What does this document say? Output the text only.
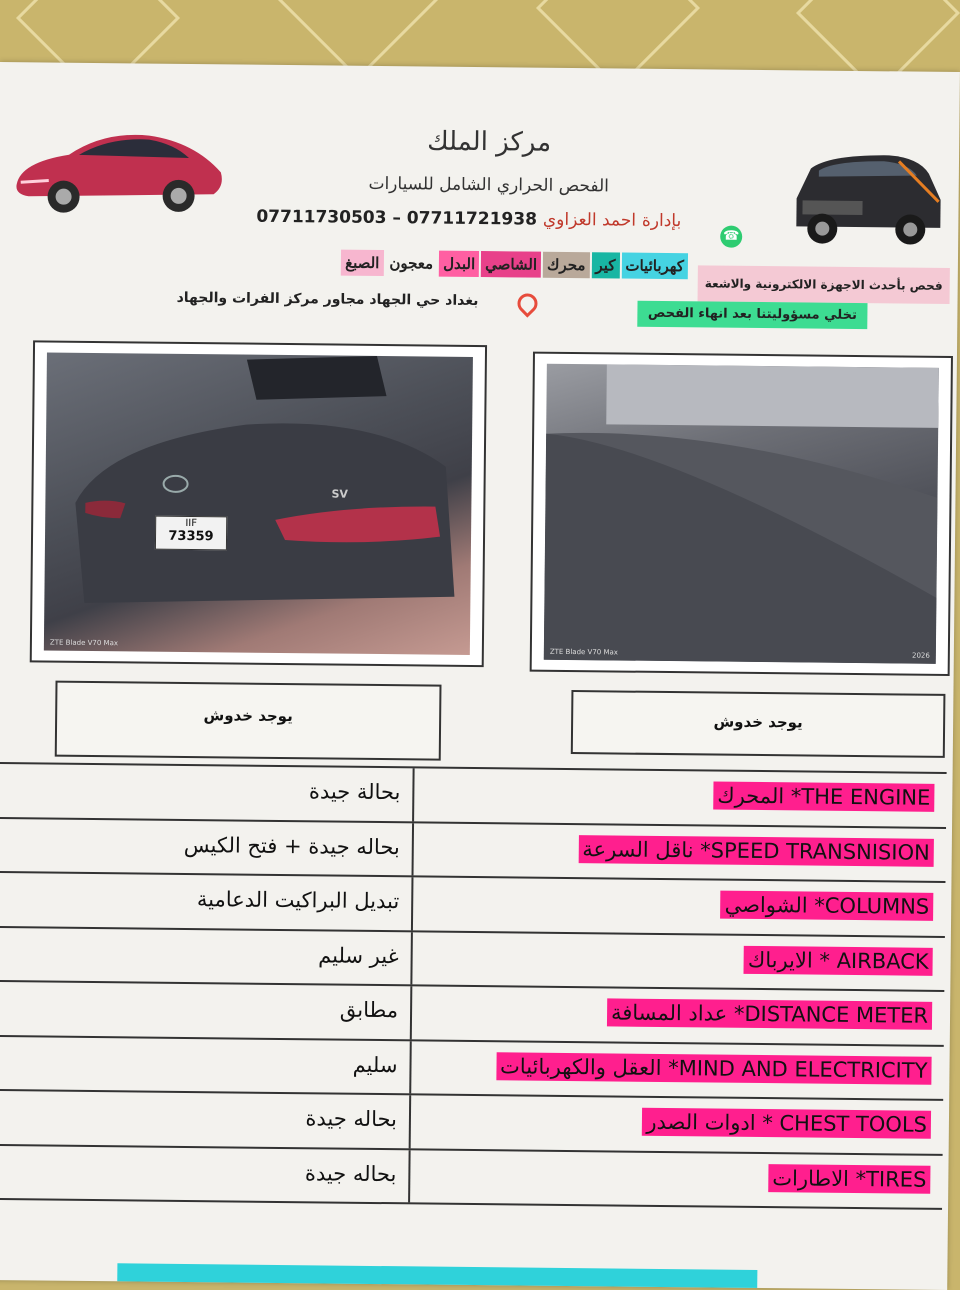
مركز الملك
الفحص الحراري الشامل للسيارات
بإدارة احمد العزاوي 07711730503 – 07711721938
☎
الصبغ معجون البدل الشاصي محرك كير كهربائيات
فحص بأحدث الاجهزة الالكترونية والاشعة
تخلي مسؤوليتنا بعد انهاء الفحص
بغداد حي الجهاد مجاور مركز الفرات والجهاد
IIF
73359
SV
ZTE Blade V70 Max
ZTE Blade V70 Max	2026
يوجد خدوش	يوجد خدوش
بحالة جيدة	المحرك *THE ENGINE
بحاله جيدة + فتح الكيس	ناقل السرعة *SPEED TRANSNISION
تبديل البراكيت الدعامية	الشواصي *COLUMNS
غير سليم	الايرباك * AIRBACK
مطابق	عداد المسافة *DISTANCE METER
سليم	العقل والكهربائيات *MIND AND ELECTRICITY
بحاله جيدة	ادوات الصدر * CHEST TOOLS
بحاله جيدة	الاطارات *TIRES
